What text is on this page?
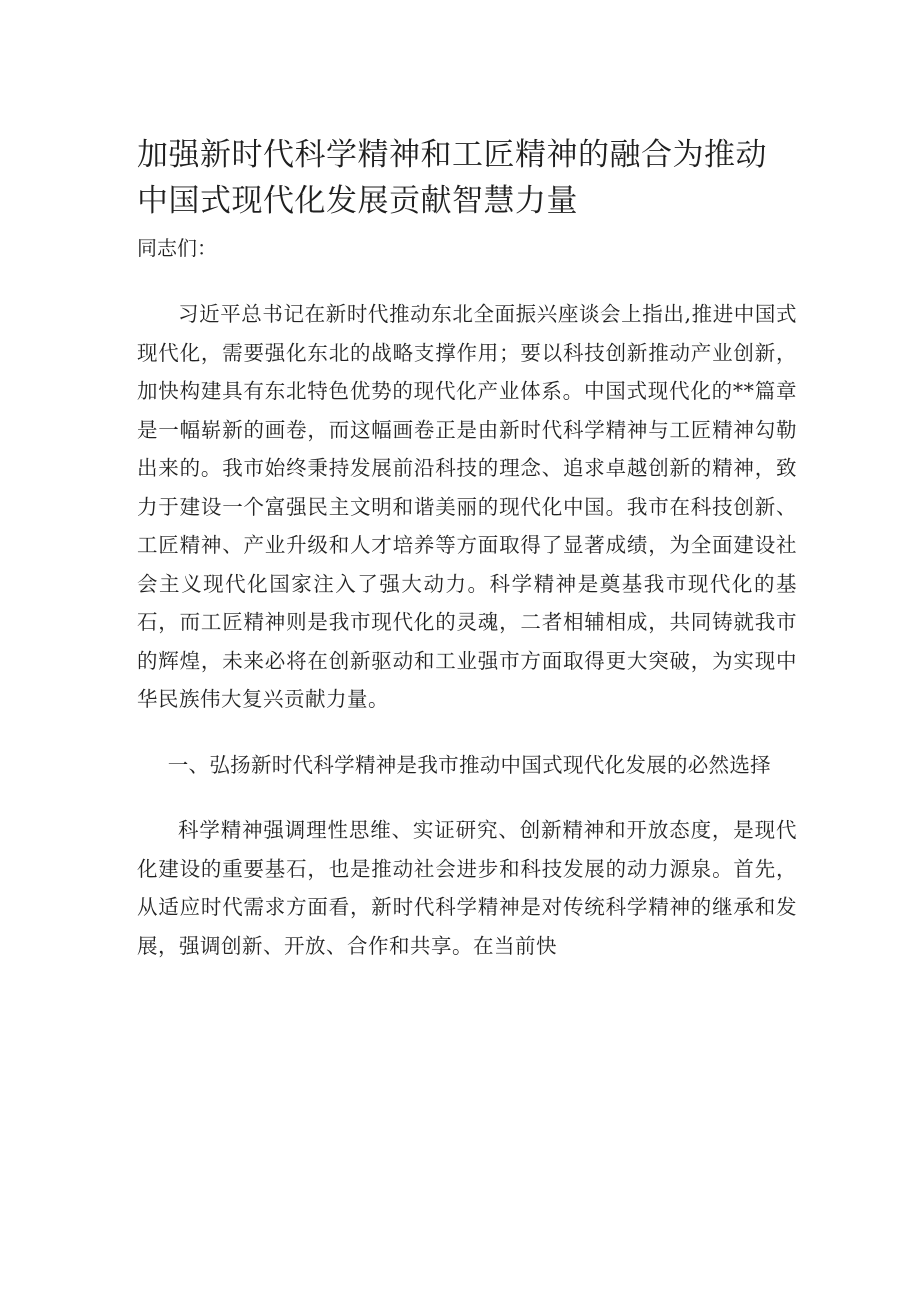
加强新时代科学精神和工匠精神的融合为推动中国式现代化发展贡献智慧力量

同志们：

习近平总书记在新时代推动东北全面振兴座谈会上指出,推进中国式现代化，需要强化东北的战略支撑作用；要以科技创新推动产业创新，加快构建具有东北特色优势的现代化产业体系。中国式现代化的**篇章是一幅崭新的画卷，而这幅画卷正是由新时代科学精神与工匠精神勾勒出来的。我市始终秉持发展前沿科技的理念、追求卓越创新的精神，致力于建设一个富强民主文明和谐美丽的现代化中国。我市在科技创新、工匠精神、产业升级和人才培养等方面取得了显著成绩，为全面建设社会主义现代化国家注入了强大动力。科学精神是奠基我市现代化的基石，而工匠精神则是我市现代化的灵魂，二者相辅相成，共同铸就我市的辉煌，未来必将在创新驱动和工业强市方面取得更大突破，为实现中华民族伟大复兴贡献力量。

一、弘扬新时代科学精神是我市推动中国式现代化发展的必然选择

科学精神强调理性思维、实证研究、创新精神和开放态度，是现代化建设的重要基石，也是推动社会进步和科技发展的动力源泉。首先，从适应时代需求方面看，新时代科学精神是对传统科学精神的继承和发展，强调创新、开放、合作和共享。在当前快
